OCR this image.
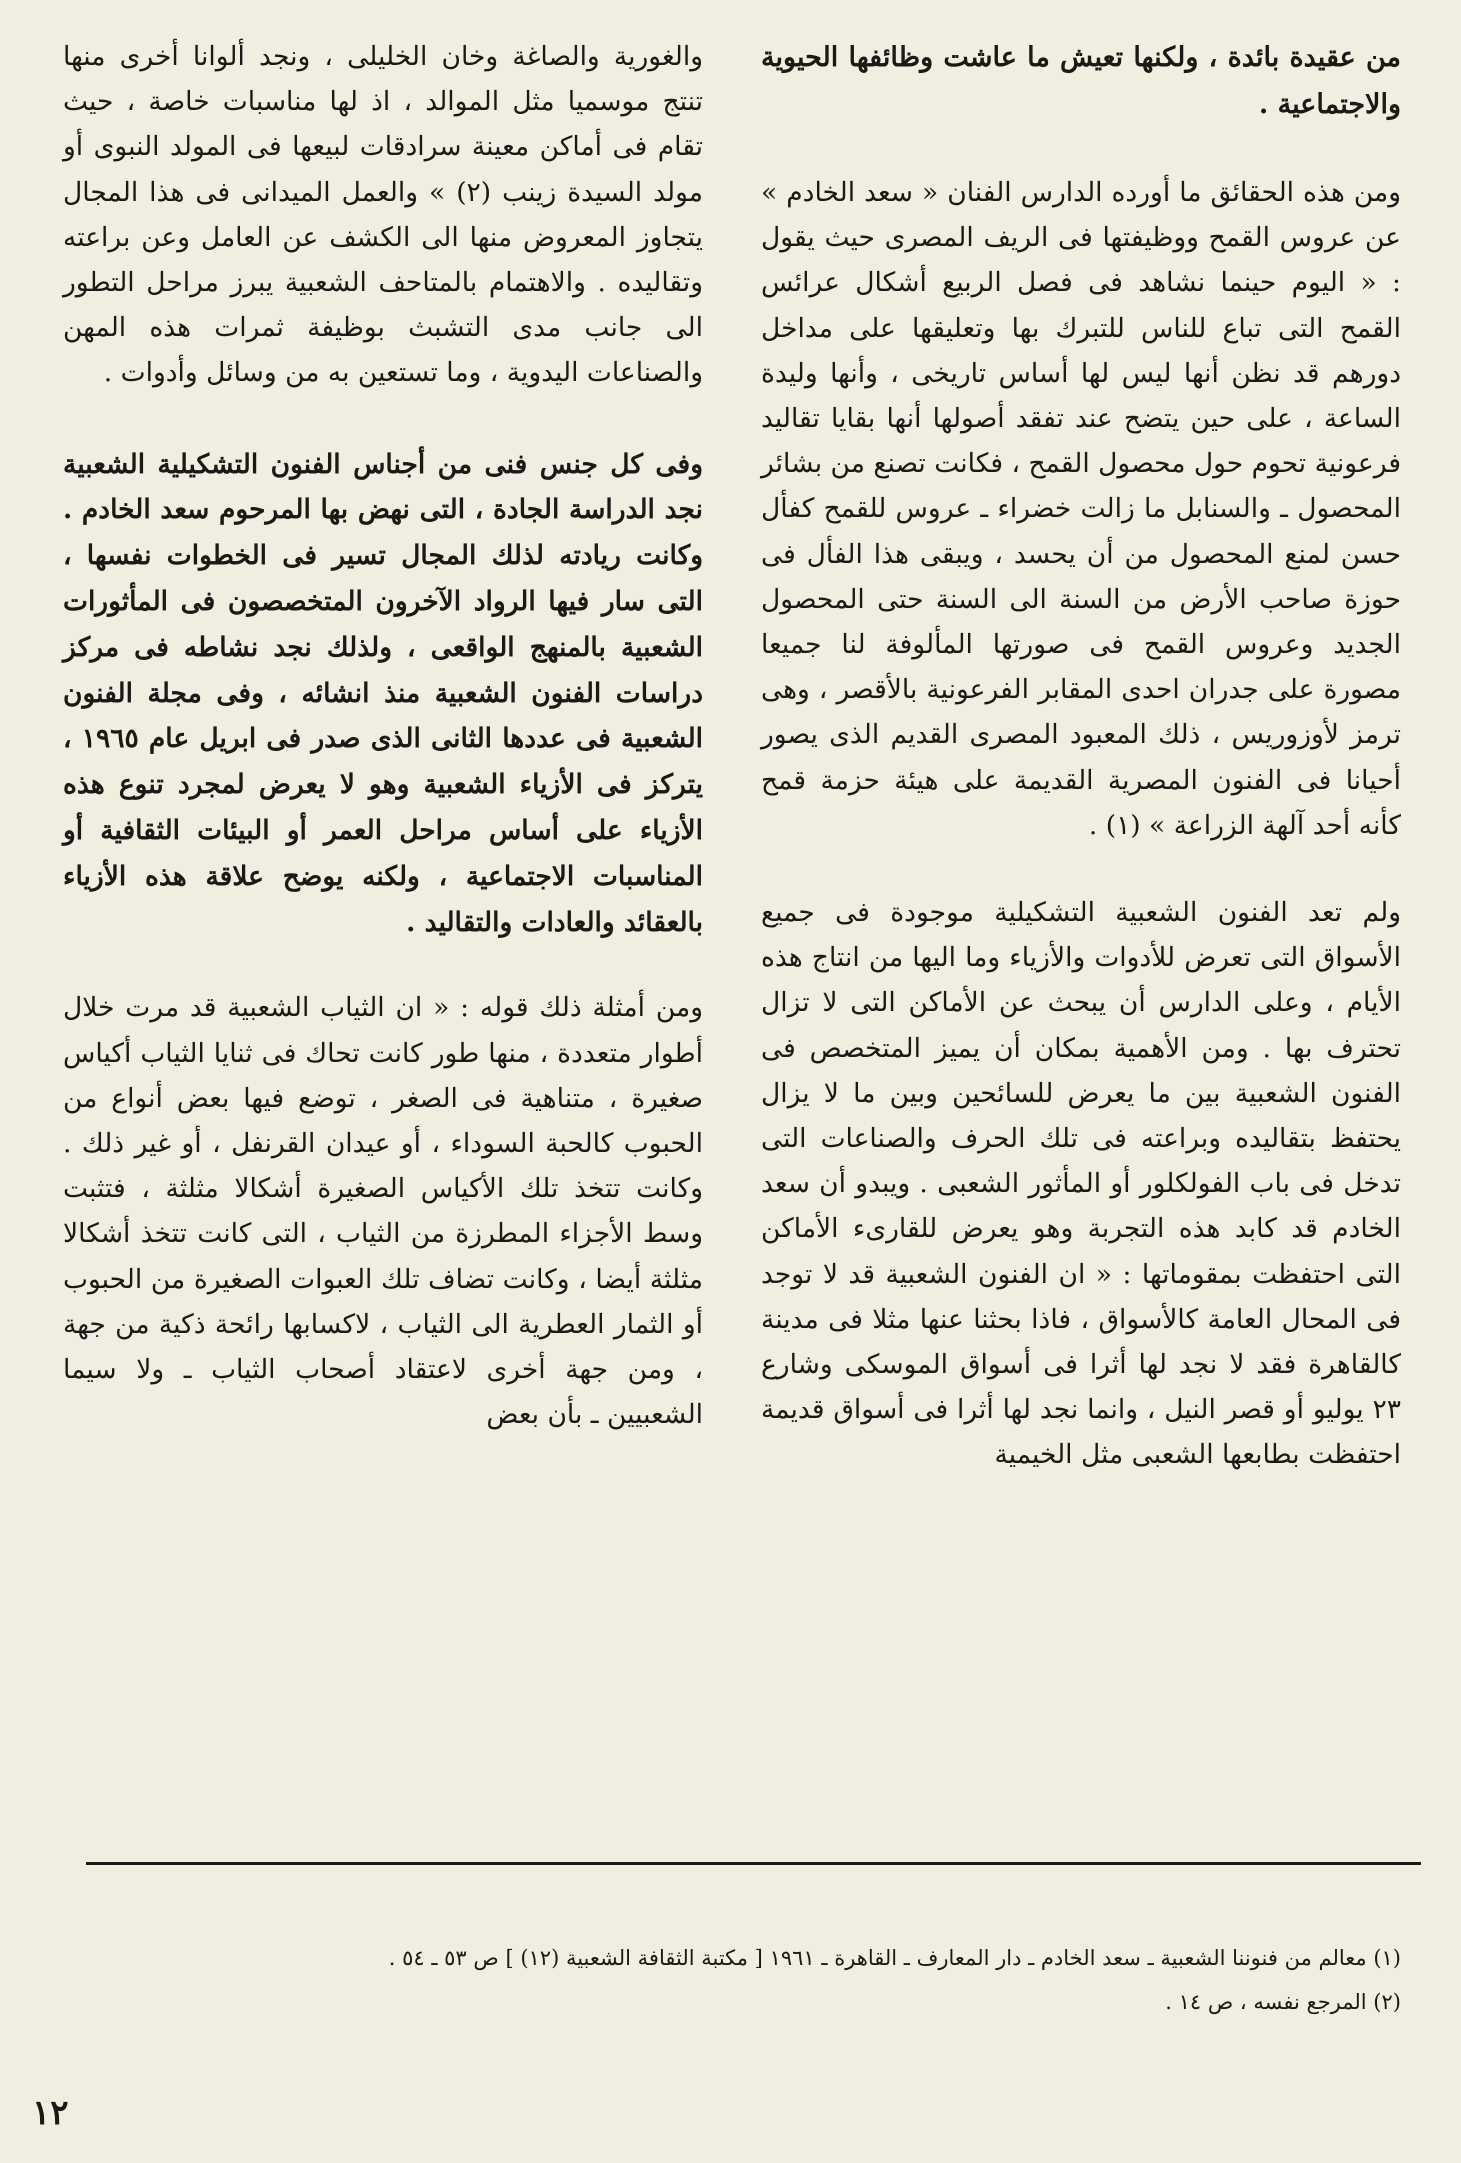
من عقيدة بائدة ، ولكنها تعيش ما عاشت وظائفها الحيوية والاجتماعية .

ومن هذه الحقائق ما أورده الدارس الفنان « سعد الخادم » عن عروس القمح ووظيفتها فى الريف المصرى حيث يقول : « اليوم حينما نشاهد فى فصل الربيع أشكال عرائس القمح التى تباع للناس للتبرك بها وتعليقها على مداخل دورهم قد نظن أنها ليس لها أساس تاريخى ، وأنها وليدة الساعة ، على حين يتضح عند تفقد أصولها أنها بقايا تقاليد فرعونية تحوم حول محصول القمح ، فكانت تصنع من بشائر المحصول ـ والسنابل ما زالت خضراء ـ عروس للقمح كفأل حسن لمنع المحصول من أن يحسد ، ويبقى هذا الفأل فى حوزة صاحب الأرض من السنة الى السنة حتى المحصول الجديد وعروس القمح فى صورتها المألوفة لنا جميعا مصورة على جدران احدى المقابر الفرعونية بالأقصر ، وهى ترمز لأوزوريس ، ذلك المعبود المصرى القديم الذى يصور أحيانا فى الفنون المصرية القديمة على هيئة حزمة قمح كأنه أحد آلهة الزراعة » (١) .

ولم تعد الفنون الشعبية التشكيلية موجودة فى جميع الأسواق التى تعرض للأدوات والأزياء وما اليها من انتاج هذه الأيام ، وعلى الدارس أن يبحث عن الأماكن التى لا تزال تحترف بها . ومن الأهمية بمكان أن يميز المتخصص فى الفنون الشعبية بين ما يعرض للسائحين وبين ما لا يزال يحتفظ بتقاليده وبراعته فى تلك الحرف والصناعات التى تدخل فى باب الفولكلور أو المأثور الشعبى . ويبدو أن سعد الخادم قد كابد هذه التجربة وهو يعرض للقارىء الأماكن التى احتفظت بمقوماتها : « ان الفنون الشعبية قد لا توجد فى المحال العامة كالأسواق ، فاذا بحثنا عنها مثلا فى مدينة كالقاهرة فقد لا نجد لها أثرا فى أسواق الموسكى وشارع ٢٣ يوليو أو قصر النيل ، وانما نجد لها أثرا فى أسواق قديمة احتفظت بطابعها الشعبى مثل الخيمية

والغورية والصاغة وخان الخليلى ، ونجد ألوانا أخرى منها تنتج موسميا مثل الموالد ، اذ لها مناسبات خاصة ، حيث تقام فى أماكن معينة سرادقات لبيعها فى المولد النبوى أو مولد السيدة زينب (٢) » والعمل الميدانى فى هذا المجال يتجاوز المعروض منها الى الكشف عن العامل وعن براعته وتقاليده . والاهتمام بالمتاحف الشعبية يبرز مراحل التطور الى جانب مدى التشبث بوظيفة ثمرات هذه المهن والصناعات اليدوية ، وما تستعين به من وسائل وأدوات .

وفى كل جنس فنى من أجناس الفنون التشكيلية الشعبية نجد الدراسة الجادة ، التى نهض بها المرحوم سعد الخادم . وكانت ريادته لذلك المجال تسير فى الخطوات نفسها ، التى سار فيها الرواد الآخرون المتخصصون فى المأثورات الشعبية بالمنهج الواقعى ، ولذلك نجد نشاطه فى مركز دراسات الفنون الشعبية منذ انشائه ، وفى مجلة الفنون الشعبية فى عددها الثانى الذى صدر فى ابريل عام ١٩٦٥ ، يتركز فى الأزياء الشعبية وهو لا يعرض لمجرد تنوع هذه الأزياء على أساس مراحل العمر أو البيئات الثقافية أو المناسبات الاجتماعية ، ولكنه يوضح علاقة هذه الأزياء بالعقائد والعادات والتقاليد .

ومن أمثلة ذلك قوله : « ان الثياب الشعبية قد مرت خلال أطوار متعددة ، منها طور كانت تحاك فى ثنايا الثياب أكياس صغيرة ، متناهية فى الصغر ، توضع فيها بعض أنواع من الحبوب كالحبة السوداء ، أو عيدان القرنفل ، أو غير ذلك . وكانت تتخذ تلك الأكياس الصغيرة أشكالا مثلثة ، فتثبت وسط الأجزاء المطرزة من الثياب ، التى كانت تتخذ أشكالا مثلثة أيضا ، وكانت تضاف تلك العبوات الصغيرة من الحبوب أو الثمار العطرية الى الثياب ، لاكسابها رائحة ذكية من جهة ، ومن جهة أخرى لاعتقاد أصحاب الثياب ـ ولا سيما الشعبيين ـ بأن بعض

(١) معالم من فنوننا الشعبية ـ سعد الخادم ـ دار المعارف ـ القاهرة ـ ١٩٦١ [ مكتبة الثقافة الشعبية (١٢) ] ص ٥٣ ـ ٥٤ .

(٢) المرجع نفسه ، ص ١٤ .

١٢
